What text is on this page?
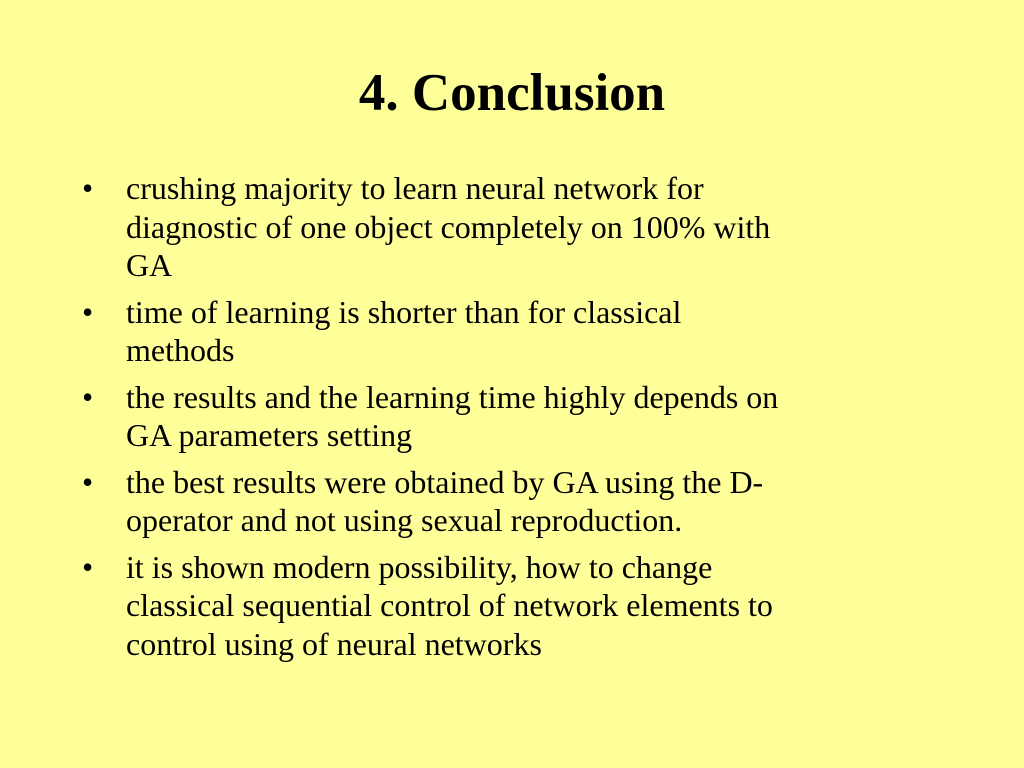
4. Conclusion
•	crushing majority to learn neural network for
diagnostic of one object completely on 100% with
GA
•	time of learning is shorter than for classical
methods
•	the results and the learning time highly depends on
GA parameters setting
•	the best results were obtained by GA using the D-
operator and not using sexual reproduction.
•	it is shown modern possibility, how to change
classical sequential control of network elements to
control using of neural networks
